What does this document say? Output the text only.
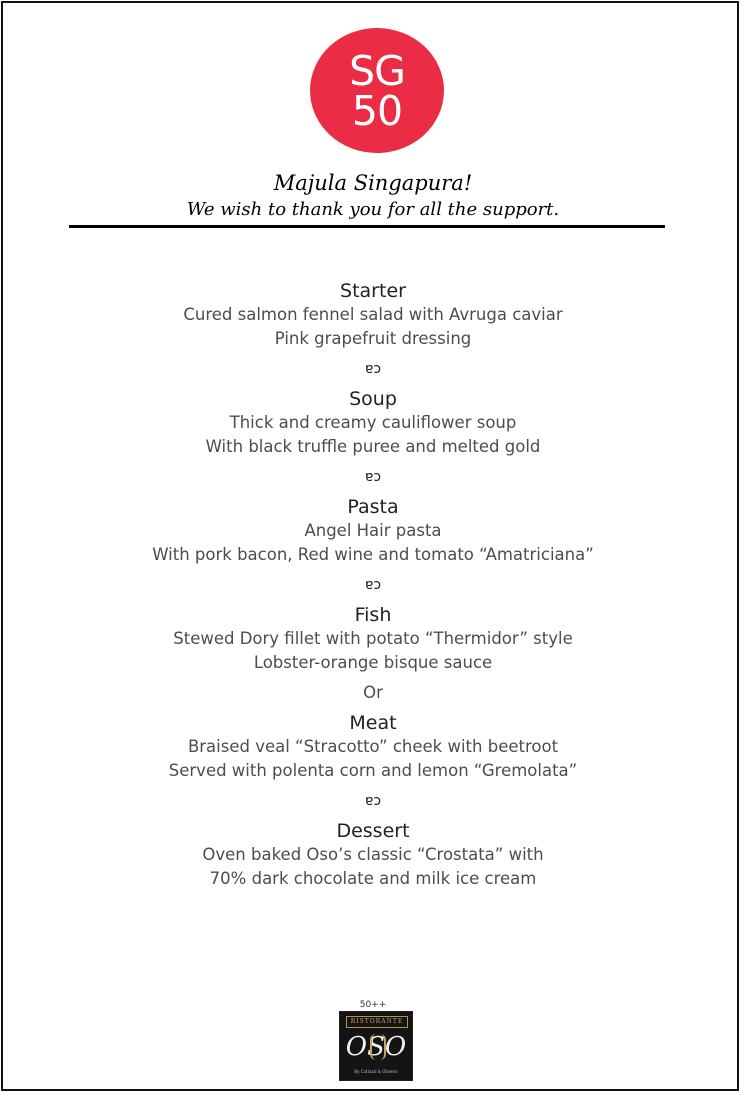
SG
50
Majula Singapura!
We wish to thank you for all the support.
Starter
Cured salmon fennel salad with Avruga caviar
Pink grapefruit dressing
ɐɔ
Soup
Thick and creamy cauliflower soup
With black truffle puree and melted gold
ɐɔ
Pasta
Angel Hair pasta
With pork bacon, Red wine and tomato “Amatriciana”
ɐɔ
Fish
Stewed Dory fillet with potato “Thermidor” style
Lobster-orange bisque sauce
Or
Meat
Braised veal “Stracotto” cheek with beetroot
Served with polenta corn and lemon “Gremolata”
ɐɔ
Dessert
Oven baked Oso’s classic “Crostata” with
70% dark chocolate and milk ice cream
50++
RISTORANTE
OSO
By Cutlazzi & Oliverio
